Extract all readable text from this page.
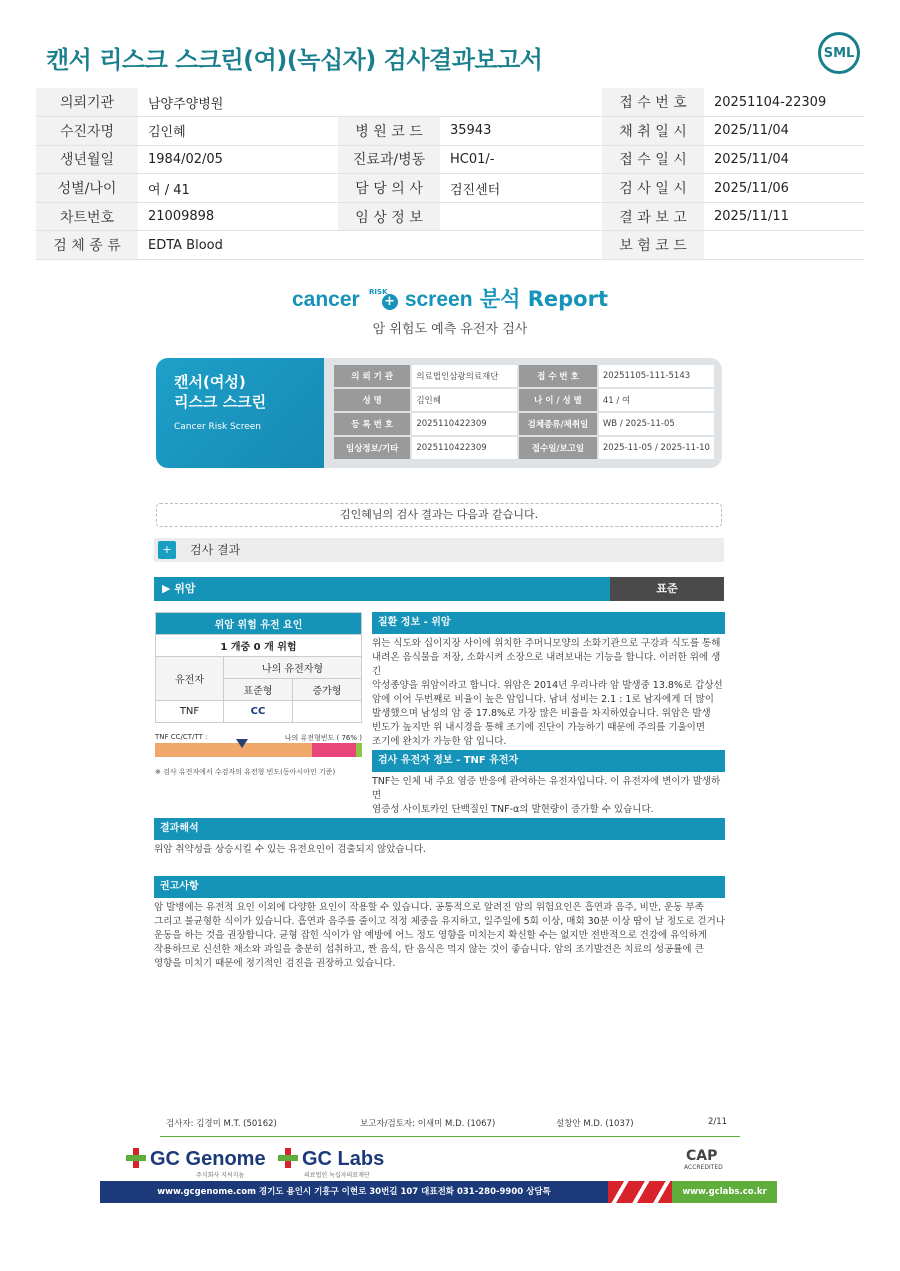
캔서 리스크 스크린(여)(녹십자) 검사결과보고서	SML
의뢰기관	남양주양병원			접 수 번 호	20251104-22309
수진자명	김인혜	병 원 코 드	35943	채 취 일 시	2025/11/04
생년월일	1984/02/05	진료과/병동	HC01/-	접 수 일 시	2025/11/04
성별/나이	여 / 41	담 당 의 사	검진센터	검 사 일 시	2025/11/06
차트번호	21009898	임 상 정 보		결 과 보 고	2025/11/11
검 체 종 류	EDTA Blood			보 험 코 드	
cancer $^{RISK}$+ screen 분석 Report
암 위험도 예측 유전자 검사
캔서(여성)
리스크 스크린
Cancer Risk Screen
의 뢰 기 관	의료법인삼광의료재단	접 수 번 호	20251105-111-5143
성 명	김인혜	나 이 / 성 별	41 / 여
등 록 번 호	2025110422309	검체종류/채취일	WB / 2025-11-05
임상정보/기타	2025110422309	접수일/보고일	2025-11-05 / 2025-11-10
김인혜님의 검사 결과는 다음과 같습니다.
검사 결과
+
▶ 위암	표준
위암 위험 유전 요인		
1 개중 0 개 위험		
유전자	나의 유전자형	
	표준형	증가형
TNF	CC	
TNF CC/CT/TT :	나의 유전형빈도 ( 76% )
※ 검사 유전자에서 수검자의 유전형 빈도(동아시아인 기준)
질환 정보 - 위암
위는 식도와 십이지장 사이에 위치한 주머니모양의 소화기관으로 구강과 식도를 통해
내려온 음식물을 저장, 소화시켜 소장으로 내려보내는 기능을 합니다. 이러한 위에 생긴
악성종양을 위암이라고 합니다. 위암은 2014년 우리나라 암 발생중 13.8%로 갑상선
암에 이어 두번째로 비율이 높은 암입니다. 남녀 성비는 2.1 : 1로 남자에게 더 많이
발생했으며 남성의 암 중 17.8%로 가장 많은 비율을 차지하였습니다. 위암은 발생
빈도가 높지만 위 내시경을 통해 조기에 진단이 가능하기 때문에 주의를 기울이면
조기에 완치가 가능한 암 입니다.
검사 유전자 정보 - TNF 유전자
TNF는 인체 내 주요 염증 반응에 관여하는 유전자입니다. 이 유전자에 변이가 발생하면
염증성 사이토카인 단백질인 TNF-α의 발현량이 증가할 수 있습니다.
결과해석
위암 취약성을 상승시킬 수 있는 유전요인이 검출되지 않았습니다.
권고사항
암 발병에는 유전적 요인 이외에 다양한 요인이 작용할 수 있습니다. 공통적으로 알려진 암의 위험요인은 흡연과 음주, 비만, 운동 부족
그리고 불균형한 식이가 있습니다. 흡연과 음주를 줄이고 적정 체중을 유지하고, 일주일에 5회 이상, 매회 30분 이상 땀이 날 정도로 걷거나
운동을 하는 것을 권장합니다. 균형 잡힌 식이가 암 예방에 어느 정도 영향을 미치는지 확신할 수는 없지만 전반적으로 건강에 유익하게
작용하므로 신선한 채소와 과일을 충분히 섭취하고, 짠 음식, 탄 음식은 먹지 않는 것이 좋습니다. 암의 조기발견은 치료의 성공률에 큰
영향을 미치기 때문에 정기적인 검진을 권장하고 있습니다.
검사자: 김경미 M.T. (50162)	보고자/검토자: 이새미 M.D. (1067)	설창안 M.D. (1037)	2/11
GC Genome
주식회사 지씨지놈
GC Labs
의료법인 녹십자의료재단
CAP
ACCREDITED
www.gcgenome.com 경기도 용인시 기흥구 이현로 30번길 107 대표전화 031-280-9900 상담톡 https://gccs.channel.io/
www.gclabs.co.kr
